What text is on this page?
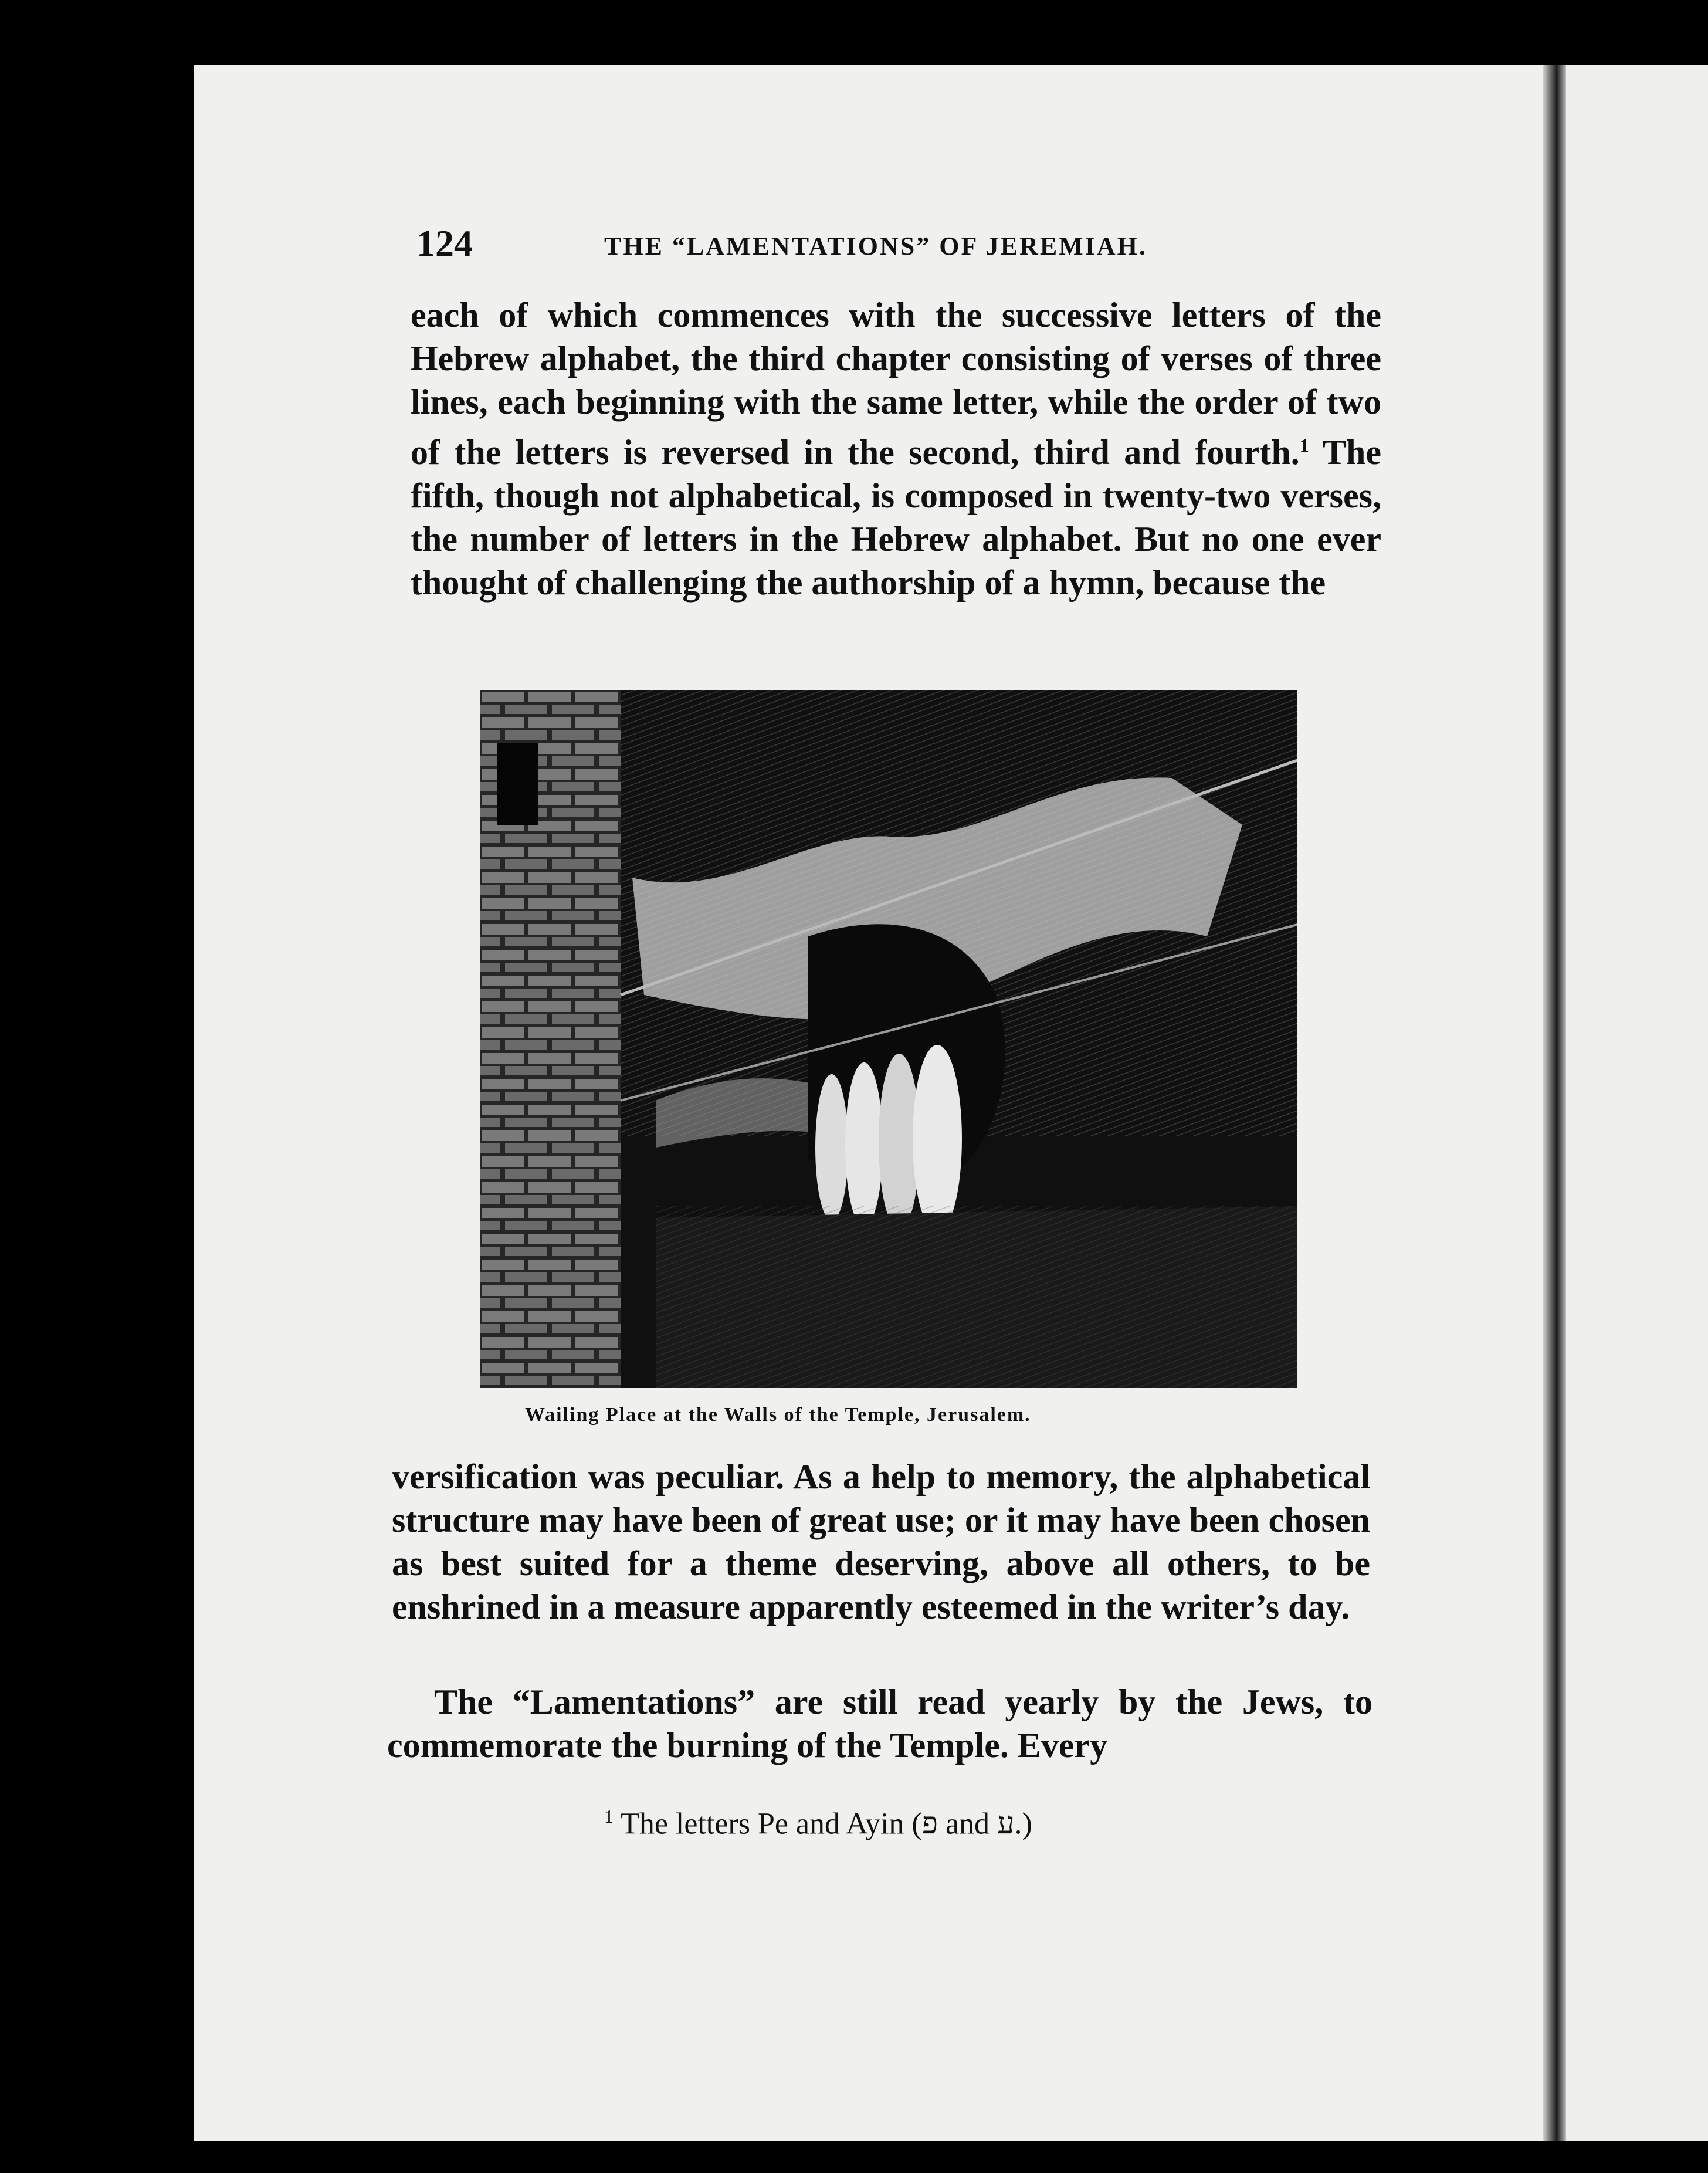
124	THE “LAMENTATIONS” OF JEREMIAH.

each of which commences with the successive letters of the Hebrew alphabet, the third chapter consisting of verses of three lines, each beginning with the same letter, while the order of two of the letters is reversed in the second, third and fourth.$^1$ The fifth, though not alphabetical, is composed in twenty-two verses, the number of letters in the Hebrew alphabet. But no one ever thought of challenging the authorship of a hymn, because the

Wailing Place at the Walls of the Temple, Jerusalem.

versification was peculiar. As a help to memory, the alphabetical structure may have been of great use; or it may have been chosen as best suited for a theme deserving, above all others, to be enshrined in a measure apparently esteemed in the writer’s day.

The “Lamentations” are still read yearly by the Jews, to commemorate the burning of the Temple. Every

$^1$ The letters Pe and Ayin (פ and ע.)
